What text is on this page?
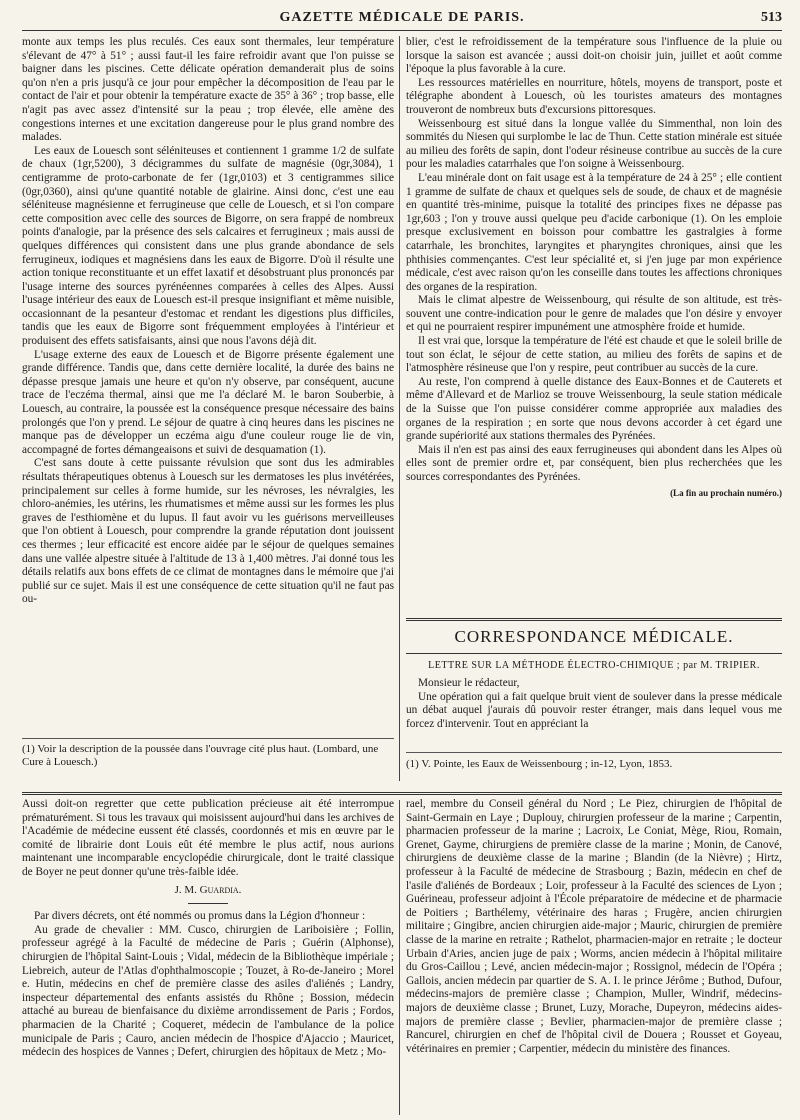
GAZETTE MÉDICALE DE PARIS.	513

monte aux temps les plus reculés. Ces eaux sont thermales, leur température s'élevant de 47° à 51° ; aussi faut-il les faire refroidir avant que l'on puisse se baigner dans les piscines. Cette délicate opération demanderait plus de soins qu'on n'en a pris jusqu'à ce jour pour empêcher la décomposition de l'eau par le contact de l'air et pour obtenir la température exacte de 35° à 36° ; trop basse, elle n'agit pas avec assez d'intensité sur la peau ; trop élevée, elle amène des congestions internes et une excitation dangereuse pour le plus grand nombre des malades.

Les eaux de Louesch sont séléniteuses et contiennent 1 gramme 1/2 de sulfate de chaux (1gr,5200), 3 décigrammes du sulfate de magnésie (0gr,3084), 1 centigramme de proto-carbonate de fer (1gr,0103) et 3 centigrammes silice (0gr,0360), ainsi qu'une quantité notable de glairine. Ainsi donc, c'est une eau séléniteuse magnésienne et ferrugineuse que celle de Louesch, et si l'on compare cette composition avec celle des sources de Bigorre, on sera frappé de nombreux points d'analogie, par la présence des sels calcaires et ferrugineux ; mais aussi de quelques différences qui consistent dans une plus grande abondance de sels ferrugineux, iodiques et magnésiens dans les eaux de Bigorre. D'où il résulte une action tonique reconstituante et un effet laxatif et désobstruant plus prononcés par l'usage interne des sources pyrénéennes comparées à celles des Alpes. Aussi l'usage intérieur des eaux de Louesch est-il presque insignifiant et même nuisible, occasionnant de la pesanteur d'estomac et rendant les digestions plus difficiles, tandis que les eaux de Bigorre sont fréquemment employées à l'intérieur et produisent des effets satisfaisants, ainsi que nous l'avons déjà dit.

L'usage externe des eaux de Louesch et de Bigorre présente également une grande différence. Tandis que, dans cette dernière localité, la durée des bains ne dépasse presque jamais une heure et qu'on n'y observe, par conséquent, aucune trace de l'eczéma thermal, ainsi que me l'a déclaré M. le baron Souberbie, à Louesch, au contraire, la poussée est la conséquence presque nécessaire des bains prolongés que l'on y prend. Le séjour de quatre à cinq heures dans les piscines ne manque pas de développer un eczéma aigu d'une couleur rouge lie de vin, accompagné de fortes démangeaisons et suivi de desquamation (1).

C'est sans doute à cette puissante révulsion que sont dus les admirables résultats thérapeutiques obtenus à Louesch sur les dermatoses les plus invétérées, principalement sur celles à forme humide, sur les névroses, les névralgies, les chloro-anémies, les utérins, les rhumatismes et même aussi sur les formes les plus graves de l'esthiomène et du lupus. Il faut avoir vu les guérisons merveilleuses que l'on obtient à Louesch, pour comprendre la grande réputation dont jouissent ces thermes ; leur efficacité est encore aidée par le séjour de quelques semaines dans une vallée alpestre située à l'altitude de 13 à 1,400 mètres. J'ai donné tous les détails relatifs aux bons effets de ce climat de montagnes dans le mémoire que j'ai publié sur ce sujet. Mais il est une conséquence de cette situation qu'il ne faut pas ou-

(1) Voir la description de la poussée dans l'ouvrage cité plus haut. (Lombard, une Cure à Louesch.)

blier, c'est le refroidissement de la température sous l'influence de la pluie ou lorsque la saison est avancée ; aussi doit-on choisir juin, juillet et août comme l'époque la plus favorable à la cure.

Les ressources matérielles en nourriture, hôtels, moyens de transport, poste et télégraphe abondent à Louesch, où les touristes amateurs des montagnes trouveront de nombreux buts d'excursions pittoresques.

Weissenbourg est situé dans la longue vallée du Simmenthal, non loin des sommités du Niesen qui surplombe le lac de Thun. Cette station minérale est située au milieu des forêts de sapin, dont l'odeur résineuse contribue au succès de la cure pour les maladies catarrhales que l'on soigne à Weissenbourg.

L'eau minérale dont on fait usage est à la température de 24 à 25° ; elle contient 1 gramme de sulfate de chaux et quelques sels de soude, de chaux et de magnésie en quantité très-minime, puisque la totalité des principes fixes ne dépasse pas 1gr,603 ; l'on y trouve aussi quelque peu d'acide carbonique (1). On les emploie presque exclusivement en boisson pour combattre les gastralgies à forme catarrhale, les bronchites, laryngites et pharyngites chroniques, ainsi que les phthisies commençantes. C'est leur spécialité et, si j'en juge par mon expérience médicale, c'est avec raison qu'on les conseille dans toutes les affections chroniques des organes de la respiration.

Mais le climat alpestre de Weissenbourg, qui résulte de son altitude, est très-souvent une contre-indication pour le genre de malades que l'on désire y envoyer et qui ne pourraient respirer impunément une atmosphère froide et humide.

Il est vrai que, lorsque la température de l'été est chaude et que le soleil brille de tout son éclat, le séjour de cette station, au milieu des forêts de sapins et de l'atmosphère résineuse que l'on y respire, peut contribuer au succès de la cure.

Au reste, l'on comprend à quelle distance des Eaux-Bonnes et de Cauterets et même d'Allevard et de Marlioz se trouve Weissenbourg, la seule station médicale de la Suisse que l'on puisse considérer comme appropriée aux maladies des organes de la respiration ; en sorte que nous devons accorder à cet égard une grande supériorité aux stations thermales des Pyrénées.

Mais il n'en est pas ainsi des eaux ferrugineuses qui abondent dans les Alpes où elles sont de premier ordre et, par conséquent, bien plus recherchées que les sources correspondantes des Pyrénées.

(La fin au prochain numéro.)
CORRESPONDANCE MÉDICALE.
LETTRE SUR LA MÉTHODE ÉLECTRO-CHIMIQUE ; par M. TRIPIER.

Monsieur le rédacteur,

Une opération qui a fait quelque bruit vient de soulever dans la presse médicale un débat auquel j'aurais dû pouvoir rester étranger, mais dans lequel vous me forcez d'intervenir. Tout en appréciant la

(1) V. Pointe, les Eaux de Weissenbourg ; in-12, Lyon, 1853.

Aussi doit-on regretter que cette publication précieuse ait été interrompue prématurément. Si tous les travaux qui moisissent aujourd'hui dans les archives de l'Académie de médecine eussent été classés, coordonnés et mis en œuvre par le comité de librairie dont Louis eût été membre le plus actif, nous aurions maintenant une incomparable encyclopédie chirurgicale, dont le traité classique de Boyer ne peut donner qu'une très-faible idée.

J. M. Guardia.

Par divers décrets, ont été nommés ou promus dans la Légion d'honneur :

Au grade de chevalier : MM. Cusco, chirurgien de Lariboisière ; Follin, professeur agrégé à la Faculté de médecine de Paris ; Guérin (Alphonse), chirurgien de l'hôpital Saint-Louis ; Vidal, médecin de la Bibliothèque impériale ; Liebreich, auteur de l'Atlas d'ophthalmoscopie ; Touzet, à Ro-de-Janeiro ; Morel e. Hutin, médecins en chef de première classe des asiles d'aliénés ; Landry, inspecteur départemental des enfants assistés du Rhône ; Bossion, médecin attaché au bureau de bienfaisance du dixième arrondissement de Paris ; Fordos, pharmacien de la Charité ; Coqueret, médecin de l'ambulance de la police municipale de Paris ; Cauro, ancien médecin de l'hospice d'Ajaccio ; Mauricet, médecin des hospices de Vannes ; Defert, chirurgien des hôpitaux de Metz ; Mo-

rael, membre du Conseil général du Nord ; Le Piez, chirurgien de l'hôpital de Saint-Germain en Laye ; Duplouy, chirurgien professeur de la marine ; Carpentin, pharmacien professeur de la marine ; Lacroix, Le Coniat, Mège, Riou, Romain, Grenet, Gayme, chirurgiens de première classe de la marine ; Monin, de Canové, chirurgiens de deuxième classe de la marine ; Blandin (de la Nièvre) ; Hirtz, professeur à la Faculté de médecine de Strasbourg ; Bazin, médecin en chef de l'asile d'aliénés de Bordeaux ; Loir, professeur à la Faculté des sciences de Lyon ; Guérineau, professeur adjoint à l'École préparatoire de médecine et de pharmacie de Poitiers ; Barthélemy, vétérinaire des haras ; Frugère, ancien chirurgien militaire ; Gingibre, ancien chirurgien aide-major ; Mauric, chirurgien de première classe de la marine en retraite ; Rathelot, pharmacien-major en retraite ; le docteur Urbain d'Aries, ancien juge de paix ; Worms, ancien médecin à l'hôpital militaire du Gros-Caillou ; Levé, ancien médecin-major ; Rossignol, médecin de l'Opéra ; Gallois, ancien médecin par quartier de S. A. I. le prince Jérôme ; Buthod, Dufour, médecins-majors de première classe ; Champion, Muller, Windrif, médecins-majors de deuxième classe ; Brunet, Luzy, Morache, Dupeyron, médecins aides-majors de première classe ; Bevlier, pharmacien-major de première classe ; Rancurel, chirurgien en chef de l'hôpital civil de Douera ; Rousset et Goyeau, vétérinaires en premier ; Carpentier, médecin du ministère des finances.
